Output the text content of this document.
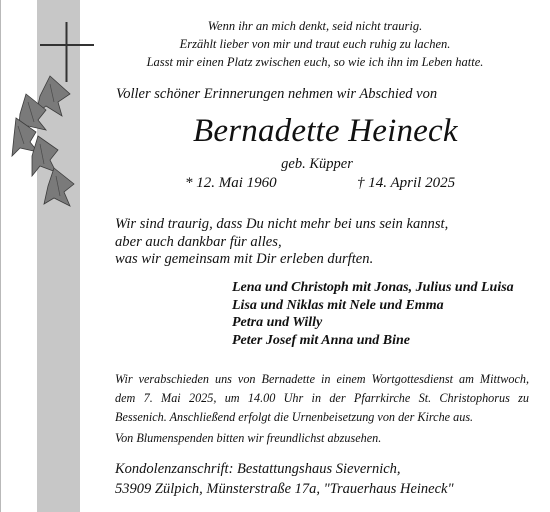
Wenn ihr an mich denkt, seid nicht traurig.
Erzählt lieber von mir und traut euch ruhig zu lachen.
Lasst mir einen Platz zwischen euch, so wie ich ihn im Leben hatte.

Voller schöner Erinnerungen nehmen wir Abschied von

Bernadette Heineck

geb. Küpper

* 12. Mai 1960	† 14. April 2025

Wir sind traurig, dass Du nicht mehr bei uns sein kannst,
aber auch dankbar für alles,
was wir gemeinsam mit Dir erleben durften.
Lena und Christoph mit Jonas, Julius und Luisa
Lisa und Niklas mit Nele und Emma
Petra und Willy
Peter Josef mit Anna und Bine
Wir verabschieden uns von Bernadette in einem Wortgottesdienst am Mittwoch,
dem 7. Mai 2025, um 14.00 Uhr in der Pfarrkirche St. Christophorus zu
Bessenich. Anschließend erfolgt die Urnenbeisetzung von der Kirche aus.

Von Blumenspenden bitten wir freundlichst abzusehen.

Kondolenzanschrift: Bestattungshaus Sievernich,
53909 Zülpich, Münsterstraße 17a, "Trauerhaus Heineck"
